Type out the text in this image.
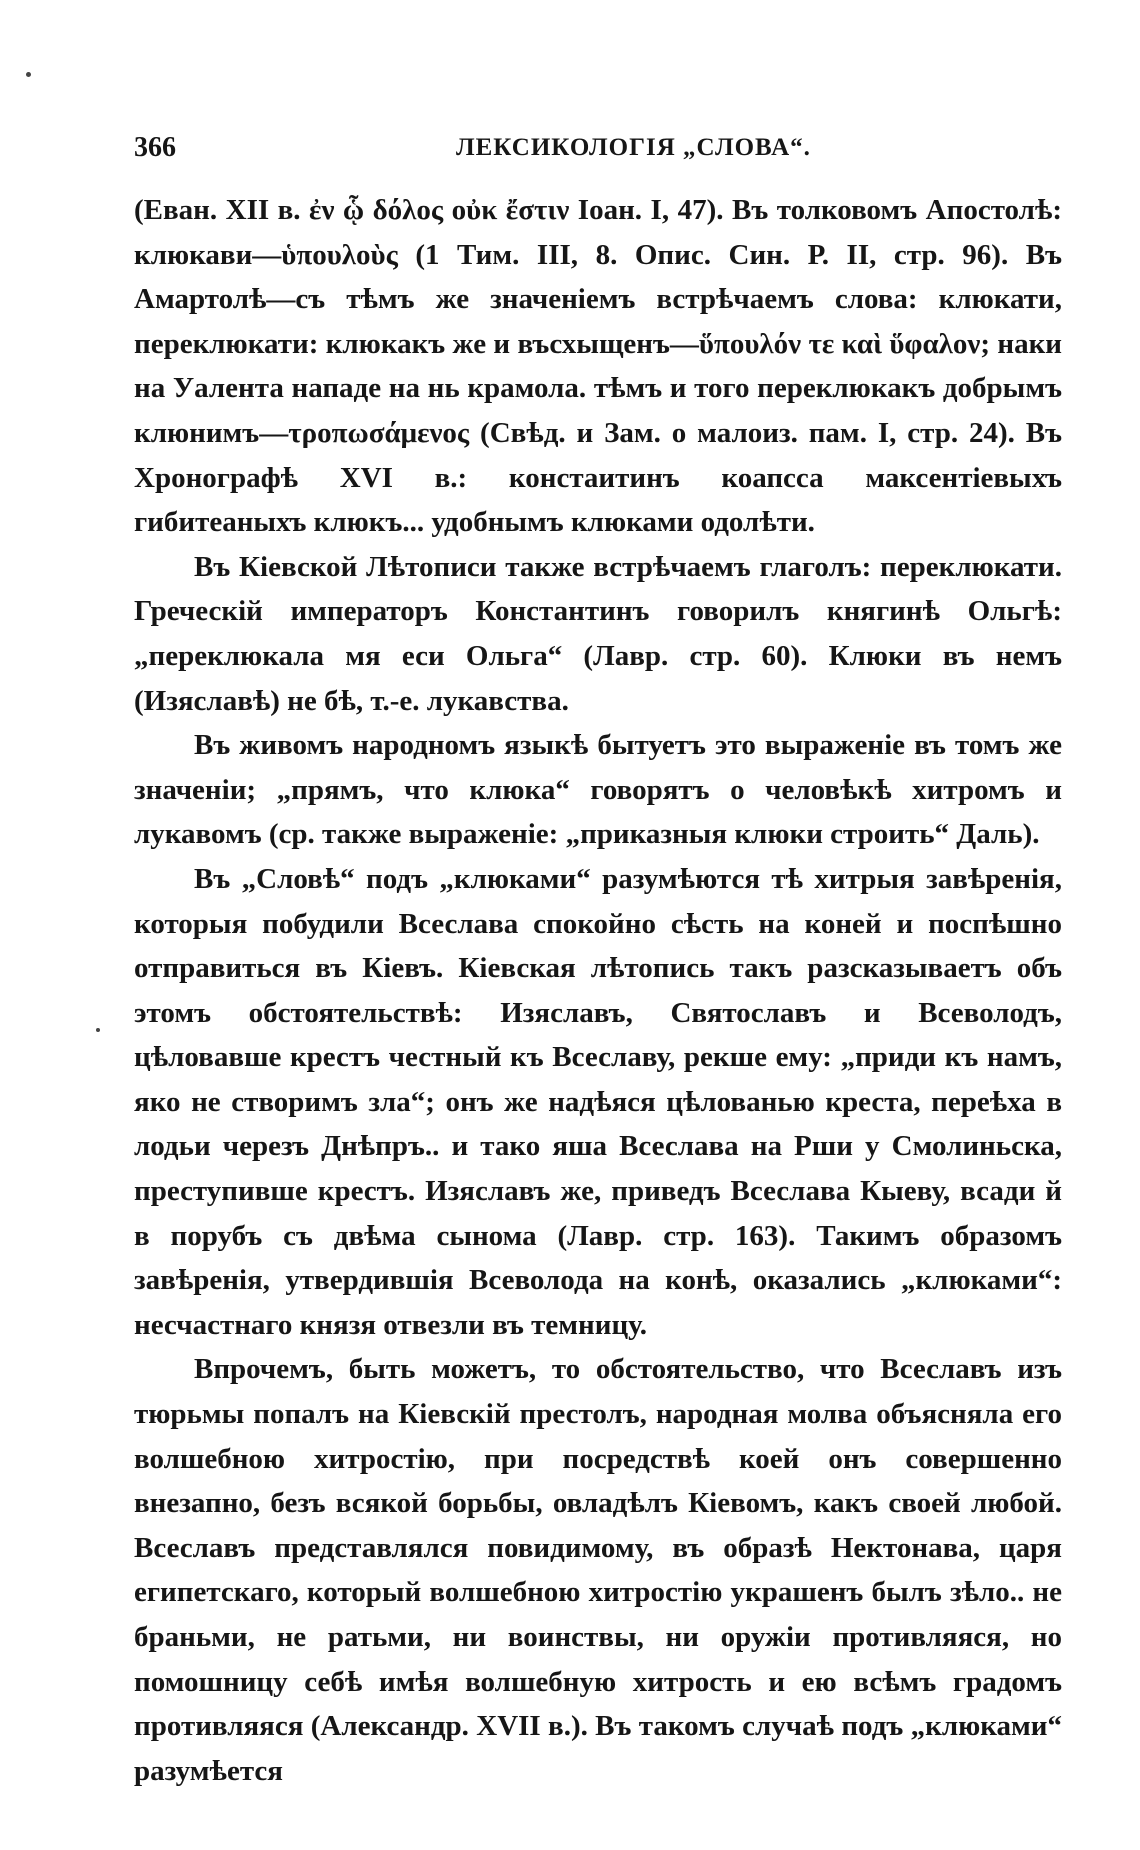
366	ЛЕКСИКОЛОГІЯ „СЛОВА“.

(Еван. XII в. ἐν ᾧ δόλος οὐκ ἔστιν Іоан. I, 47). Въ толковомъ Апостолѣ: клюкави—ὑπουλοὺς (1 Тим. III, 8. Опис. Син. Р. II, стр. 96). Въ Амартолѣ—съ тѣмъ же значеніемъ встрѣчаемъ слова: клюкати, переклюкати: клюкакъ же и въсхыщенъ—ὕπουλόν τε καὶ ὕφαλον; наки на Уалента нападе на нь крамола. тѣмъ и того переклюкакъ добрымъ клюнимъ—τροπωσάμενος (Свѣд. и Зам. о малоиз. пам. I, стр. 24). Въ Хронографѣ XVI в.: констаитинъ коапсса максентіевыхъ гибитеаныхъ клюкъ... удобнымъ клюками одолѣти.

Въ Кіевской Лѣтописи также встрѣчаемъ глаголъ: переклюкати. Греческій императоръ Константинъ говорилъ княгинѣ Ольгѣ: „переклюкала мя еси Ольга“ (Лавр. стр. 60). Клюки въ немъ (Изяславѣ) не бѣ, т.-е. лукавства.

Въ живомъ народномъ языкѣ бытуетъ это выраженіе въ томъ же значеніи; „прямъ, что клюка“ говорятъ о человѣкѣ хитромъ и лукавомъ (ср. также выраженіе: „приказныя клюки строить“ Даль).

Въ „Словѣ“ подъ „клюками“ разумѣются тѣ хитрыя завѣренія, которыя побудили Всеслава спокойно сѣсть на коней и поспѣшно отправиться въ Кіевъ. Кіевская лѣтопись такъ разсказываетъ объ этомъ обстоятельствѣ: Изяславъ, Святославъ и Всеволодъ, цѣловавше крестъ честный къ Всеславу, рекше ему: „приди къ намъ, яко не створимъ зла“; онъ же надѣяся цѣлованью креста, переѣха в лодьи черезъ Днѣпръ.. и тако яша Всеслава на Рши у Смолиньска, преступивше крестъ. Изяславъ же, приведъ Всеслава Кыеву, всади й в порубъ съ двѣма сынома (Лавр. стр. 163). Такимъ образомъ завѣренія, утвердившія Всеволода на конѣ, оказались „клюками“: несчастнаго князя отвезли въ темницу.

Впрочемъ, быть можетъ, то обстоятельство, что Всеславъ изъ тюрьмы попалъ на Кіевскій престолъ, народная молва объясняла его волшебною хитростію, при посредствѣ коей онъ совершенно внезапно, безъ всякой борьбы, овладѣлъ Кіевомъ, какъ своей любой. Всеславъ представлялся повидимому, въ образѣ Нектонава, царя египетскаго, который волшебною хитростію украшенъ былъ зѣло.. не браньми, не ратьми, ни воинствы, ни оружіи противляяся, но помошницу себѣ имѣя волшебную хитрость и ею всѣмъ градомъ противляяся (Александр. XVII в.). Въ такомъ случаѣ подъ „клюками“ разумѣется
